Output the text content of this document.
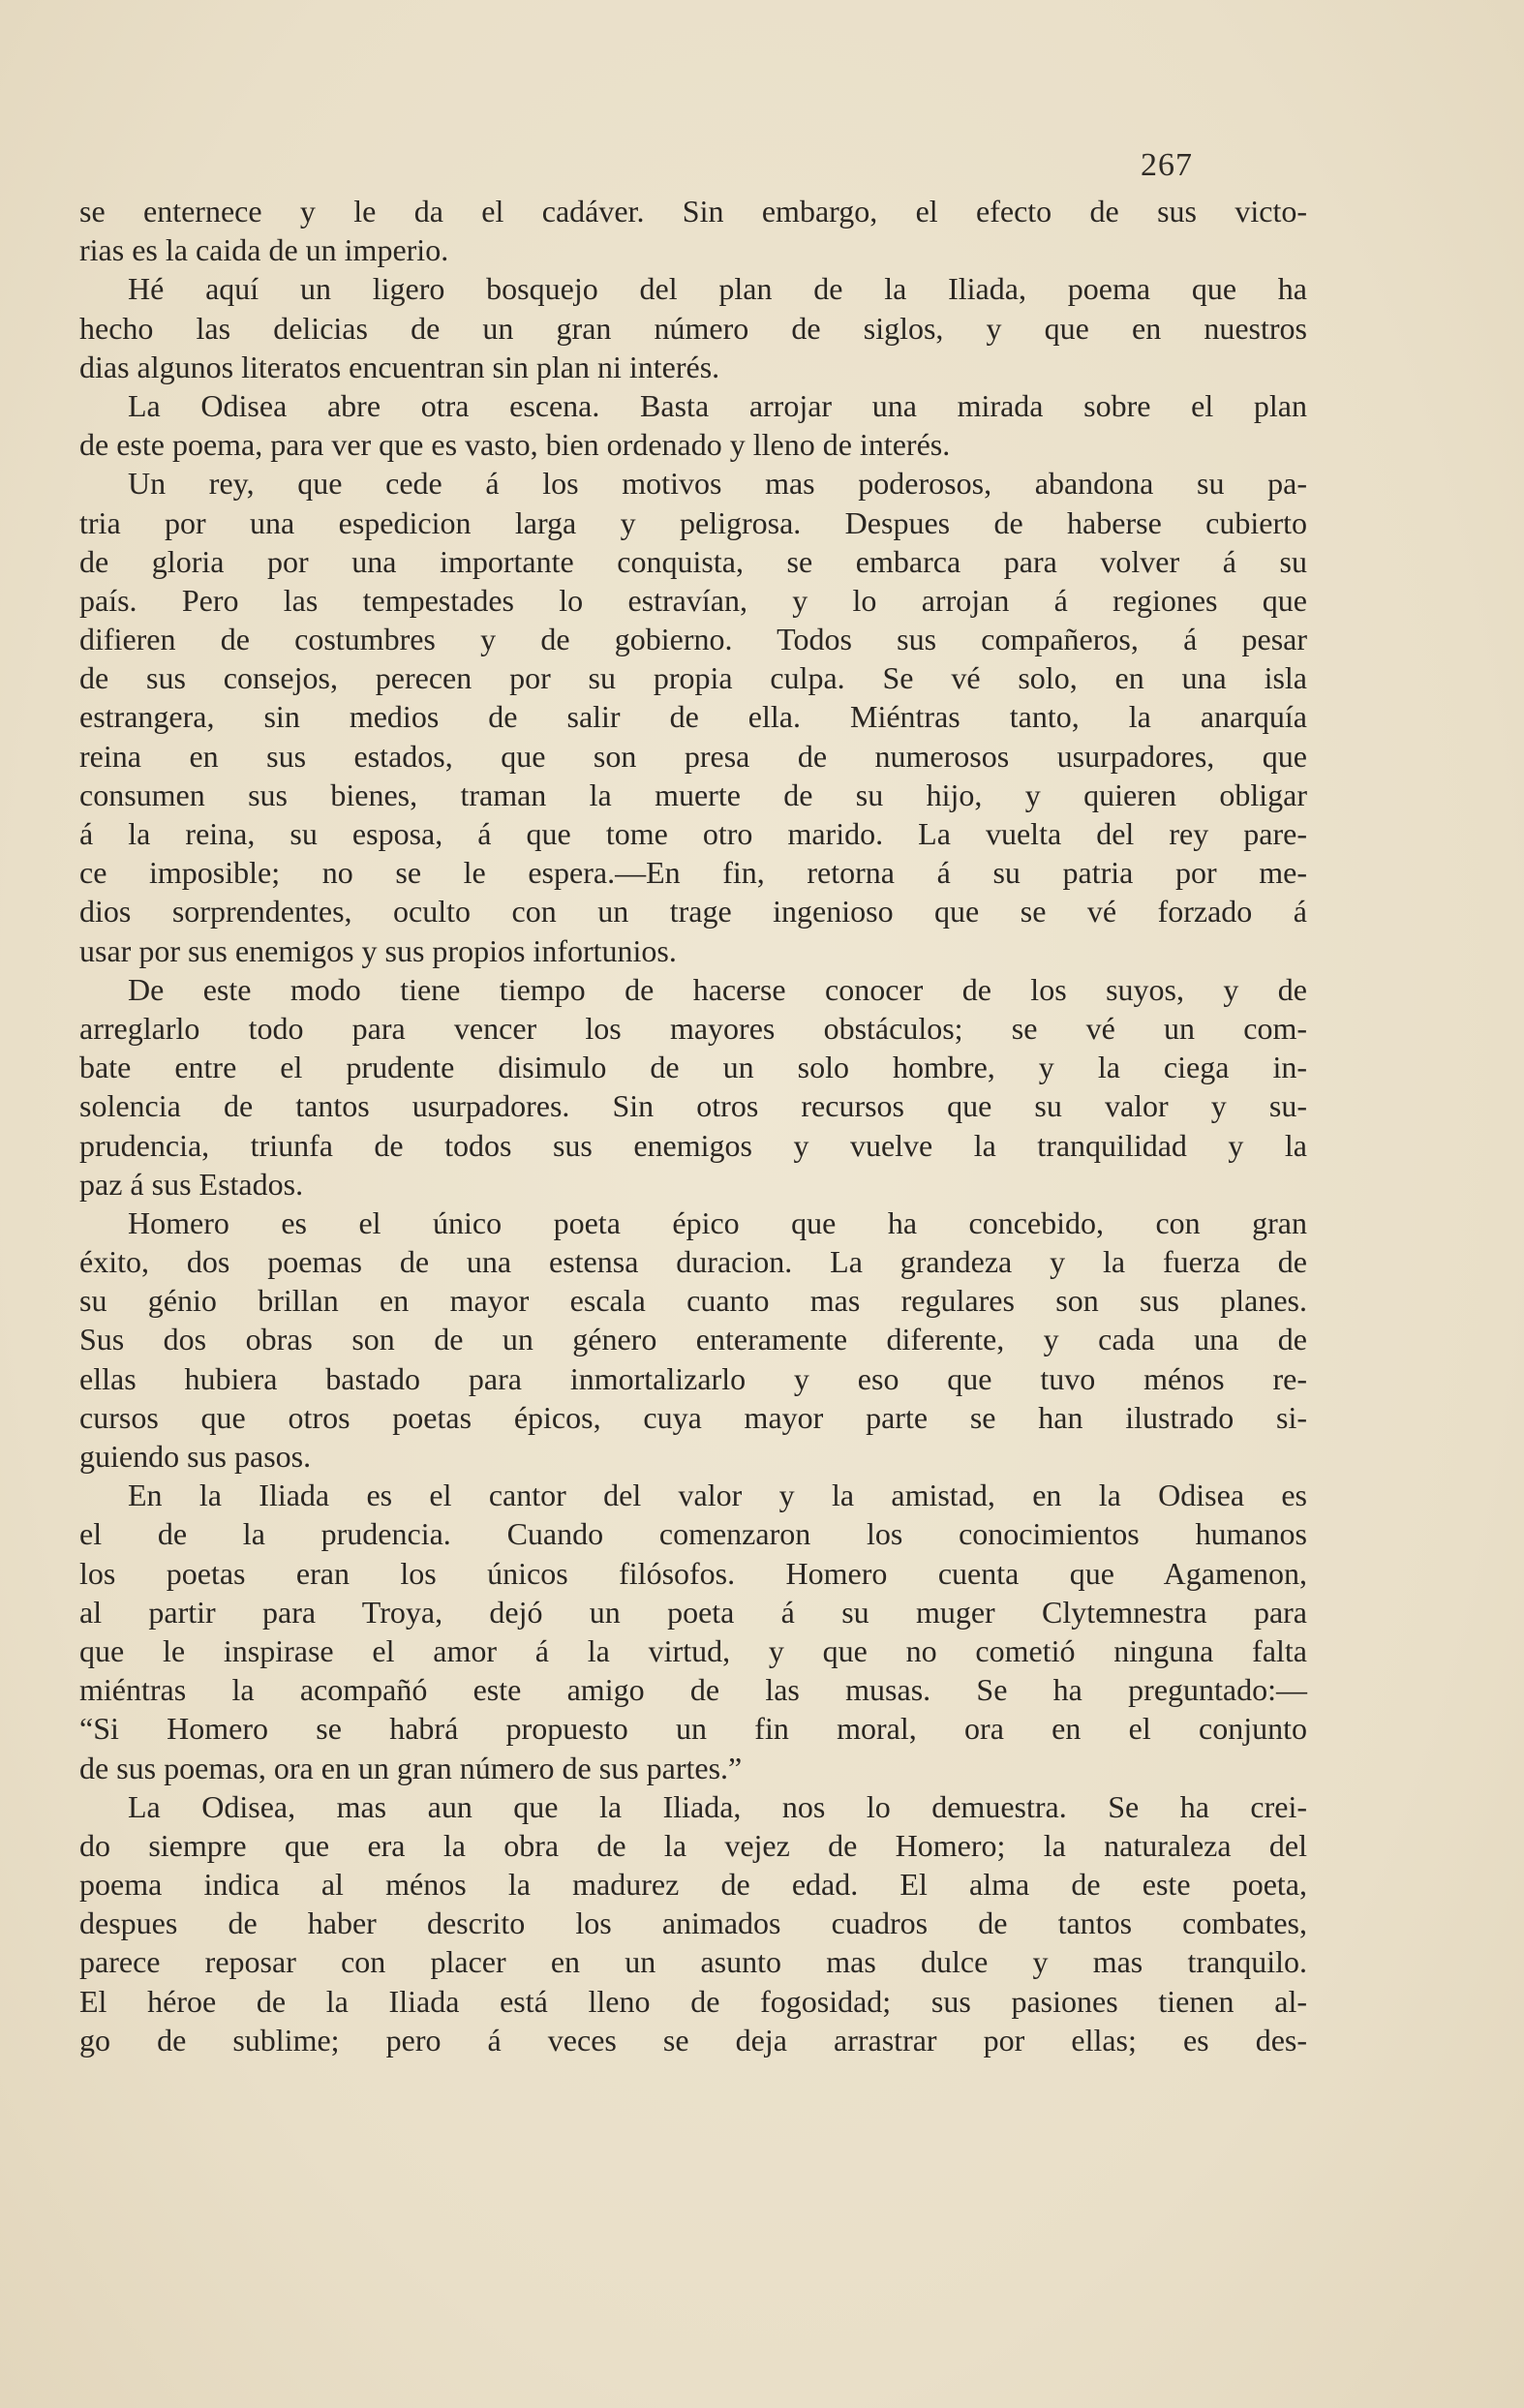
267
se enternece y le da el cadáver. Sin embargo, el efecto de sus victo-
rias es la caida de un imperio.
Hé aquí un ligero bosquejo del plan de la Iliada, poema que ha
hecho las delicias de un gran número de siglos, y que en nuestros
dias algunos literatos encuentran sin plan ni interés.
La Odisea abre otra escena. Basta arrojar una mirada sobre el plan
de este poema, para ver que es vasto, bien ordenado y lleno de interés.
Un rey, que cede á los motivos mas poderosos, abandona su pa-
tria por una espedicion larga y peligrosa. Despues de haberse cubierto
de gloria por una importante conquista, se embarca para volver á su
país. Pero las tempestades lo estravían, y lo arrojan á regiones que
difieren de costumbres y de gobierno. Todos sus compañeros, á pesar
de sus consejos, perecen por su propia culpa. Se vé solo, en una isla
estrangera, sin medios de salir de ella. Miéntras tanto, la anarquía
reina en sus estados, que son presa de numerosos usurpadores, que
consumen sus bienes, traman la muerte de su hijo, y quieren obligar
á la reina, su esposa, á que tome otro marido. La vuelta del rey pare-
ce imposible; no se le espera.—En fin, retorna á su patria por me-
dios sorprendentes, oculto con un trage ingenioso que se vé forzado á
usar por sus enemigos y sus propios infortunios.
De este modo tiene tiempo de hacerse conocer de los suyos, y de
arreglarlo todo para vencer los mayores obstáculos; se vé un com-
bate entre el prudente disimulo de un solo hombre, y la ciega in-
solencia de tantos usurpadores. Sin otros recursos que su valor y su-
prudencia, triunfa de todos sus enemigos y vuelve la tranquilidad y la
paz á sus Estados.
Homero es el único poeta épico que ha concebido, con gran
éxito, dos poemas de una estensa duracion. La grandeza y la fuerza de
su génio brillan en mayor escala cuanto mas regulares son sus planes.
Sus dos obras son de un género enteramente diferente, y cada una de
ellas hubiera bastado para inmortalizarlo y eso que tuvo ménos re-
cursos que otros poetas épicos, cuya mayor parte se han ilustrado si-
guiendo sus pasos.
En la Iliada es el cantor del valor y la amistad, en la Odisea es
el de la prudencia. Cuando comenzaron los conocimientos humanos
los poetas eran los únicos filósofos. Homero cuenta que Agamenon,
al partir para Troya, dejó un poeta á su muger Clytemnestra para
que le inspirase el amor á la virtud, y que no cometió ninguna falta
miéntras la acompañó este amigo de las musas. Se ha preguntado:—
“Si Homero se habrá propuesto un fin moral, ora en el conjunto
de sus poemas, ora en un gran número de sus partes.”
La Odisea, mas aun que la Iliada, nos lo demuestra. Se ha crei-
do siempre que era la obra de la vejez de Homero; la naturaleza del
poema indica al ménos la madurez de edad. El alma de este poeta,
despues de haber descrito los animados cuadros de tantos combates,
parece reposar con placer en un asunto mas dulce y mas tranquilo.
El héroe de la Iliada está lleno de fogosidad; sus pasiones tienen al-
go de sublime; pero á veces se deja arrastrar por ellas; es des-
